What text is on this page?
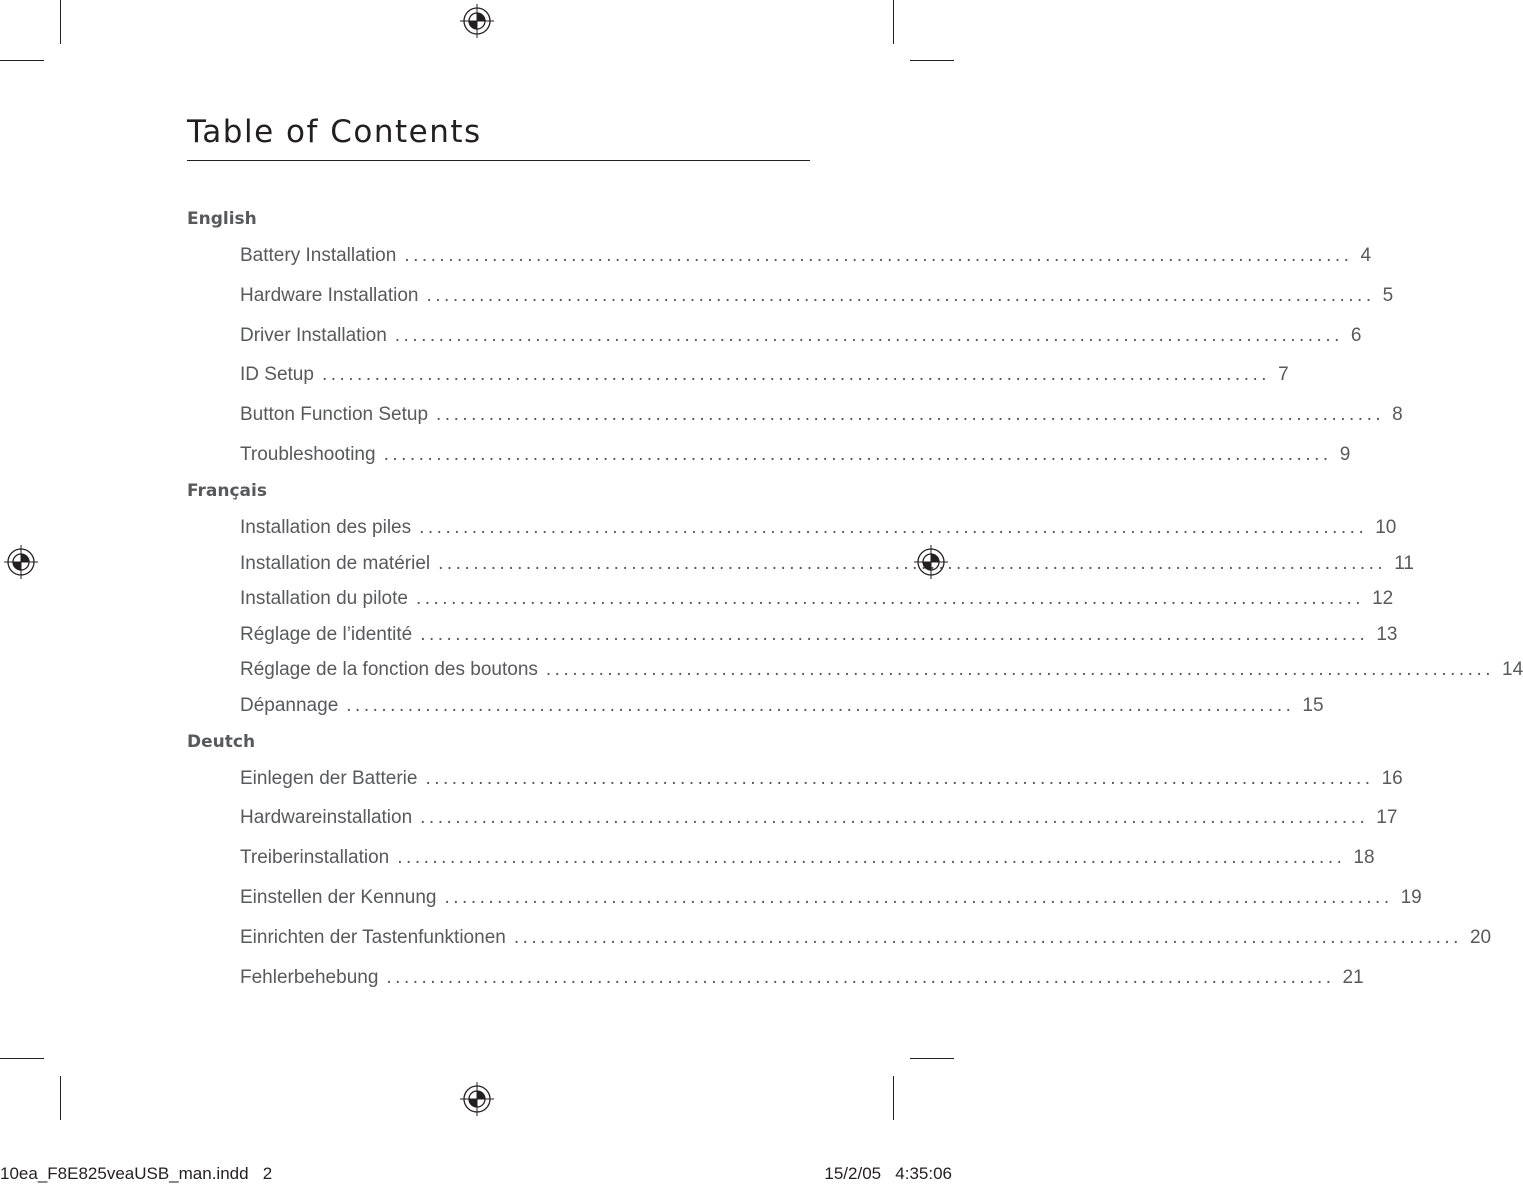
Table of Contents
English
Battery Installation ............................................................................................................ 4
Hardware Installation ............................................................................................................ 5
Driver Installation ............................................................................................................ 6
ID Setup ............................................................................................................ 7
Button Function Setup ............................................................................................................ 8
Troubleshooting ............................................................................................................ 9
Français
Installation des piles ............................................................................................................ 10
Installation de matériel ............................................................................................................ 11
Installation du pilote ............................................................................................................ 12
Réglage de l’identité ............................................................................................................ 13
Réglage de la fonction des boutons ............................................................................................................ 14
Dépannage ............................................................................................................ 15
Deutch
Einlegen der Batterie ............................................................................................................ 16
Hardwareinstallation ............................................................................................................ 17
Treiberinstallation ............................................................................................................ 18
Einstellen der Kennung ............................................................................................................ 19
Einrichten der Tastenfunktionen ............................................................................................................ 20
Fehlerbehebung ............................................................................................................ 21
10ea_F8E825veaUSB_man.indd   2	15/2/05   4:35:06
